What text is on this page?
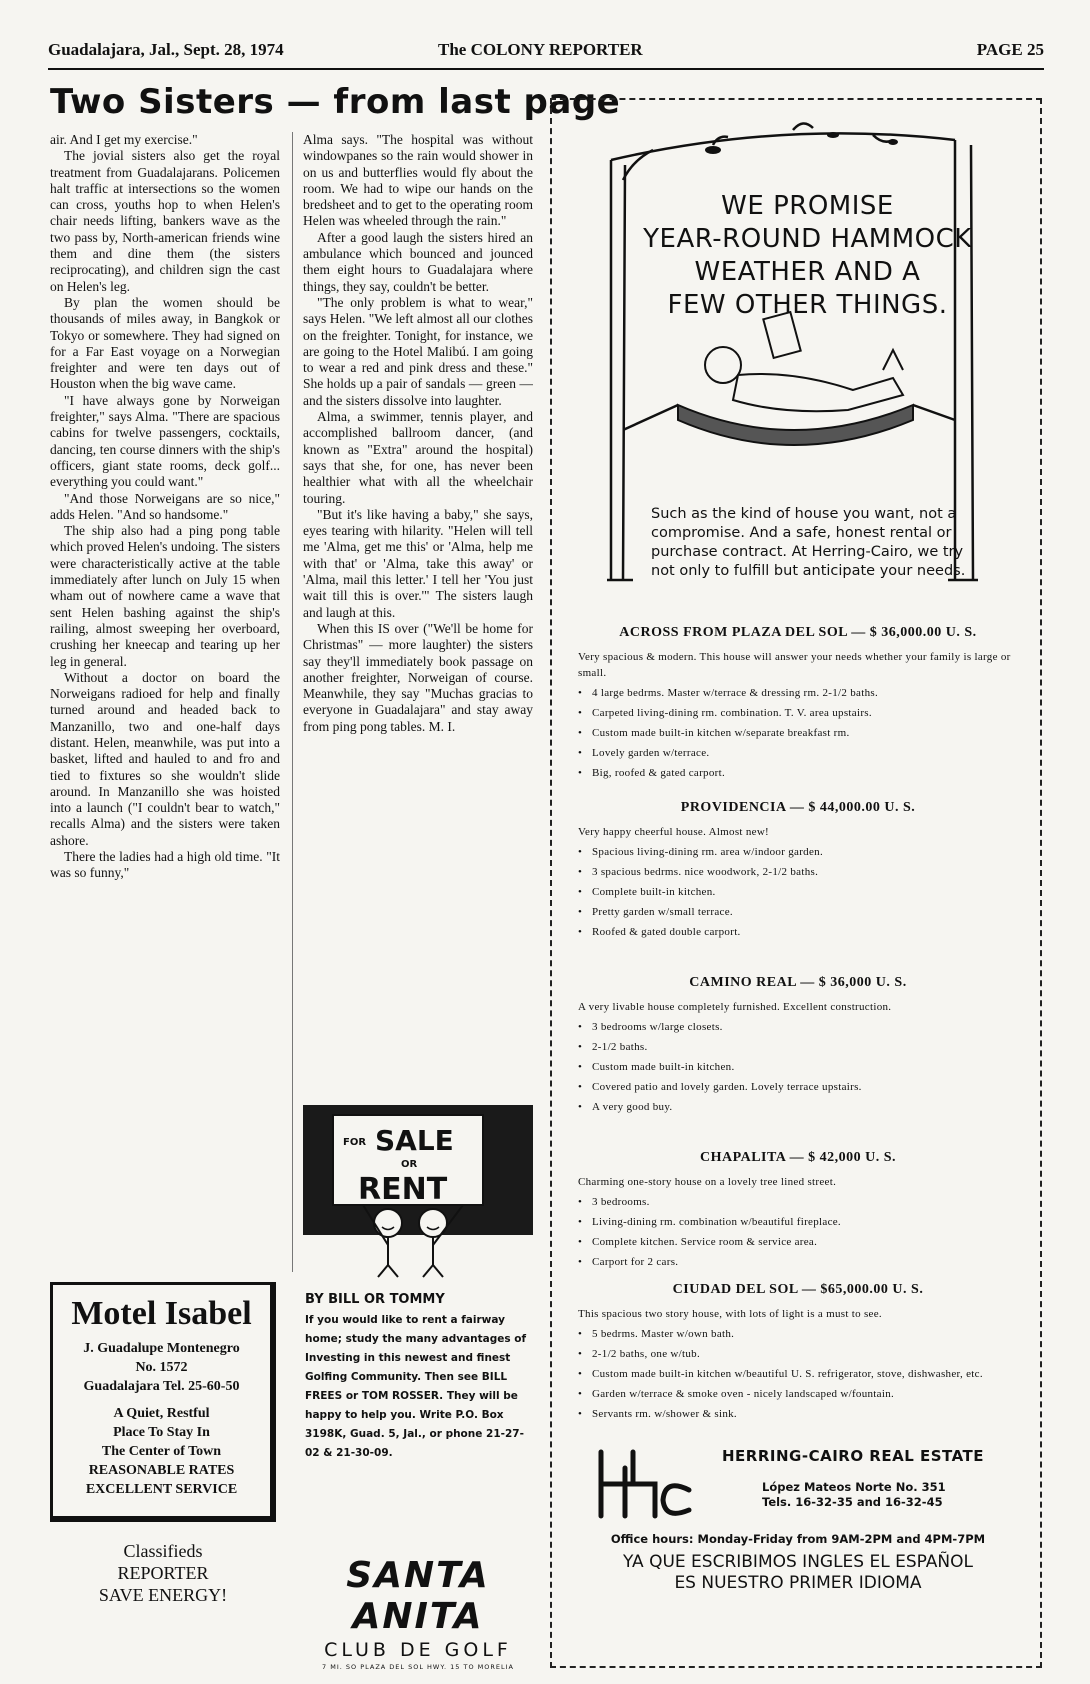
Guadalajara, Jal., Sept. 28, 1974	The COLONY REPORTER	PAGE 25
Two Sisters — from last page

air. And I get my exercise."

The jovial sisters also get the royal treatment from Guadalajarans. Policemen halt traffic at intersections so the women can cross, youths hop to when Helen's chair needs lifting, bankers wave as the two pass by, North-american friends wine them and dine them (the sisters reciprocating), and children sign the cast on Helen's leg.

By plan the women should be thousands of miles away, in Bangkok or Tokyo or somewhere. They had signed on for a Far East voyage on a Norwegian freighter and were ten days out of Houston when the big wave came.

"I have always gone by Norweigan freighter," says Alma. "There are spacious cabins for twelve passengers, cocktails, dancing, ten course dinners with the ship's officers, giant state rooms, deck golf... everything you could want."

"And those Norweigans are so nice," adds Helen. "And so handsome."

The ship also had a ping pong table which proved Helen's undoing. The sisters were characteristically active at the table immediately after lunch on July 15 when wham out of nowhere came a wave that sent Helen bashing against the ship's railing, almost sweeping her overboard, crushing her kneecap and tearing up her leg in general.

Without a doctor on board the Norweigans radioed for help and finally turned around and headed back to Manzanillo, two and one-half days distant. Helen, meanwhile, was put into a basket, lifted and hauled to and fro and tied to fixtures so she wouldn't slide around. In Manzanillo she was hoisted into a launch ("I couldn't bear to watch," recalls Alma) and the sisters were taken ashore.

There the ladies had a high old time. "It was so funny,"

Alma says. "The hospital was without windowpanes so the rain would shower in on us and butterflies would fly about the room. We had to wipe our hands on the bredsheet and to get to the operating room Helen was wheeled through the rain."

After a good laugh the sisters hired an ambulance which bounced and jounced them eight hours to Guadalajara where things, they say, couldn't be better.

"The only problem is what to wear," says Helen. "We left almost all our clothes on the freighter. Tonight, for instance, we are going to the Hotel Malibú. I am going to wear a red and pink dress and these." She holds up a pair of sandals — green — and the sisters dissolve into laughter.

Alma, a swimmer, tennis player, and accomplished ballroom dancer, (and known as "Extra" around the hospital) says that she, for one, has never been healthier what with all the wheelchair touring.

"But it's like having a baby," she says, eyes tearing with hilarity. "Helen will tell me 'Alma, get me this' or 'Alma, help me with that' or 'Alma, take this away' or 'Alma, mail this letter.' I tell her 'You just wait till this is over.'" The sisters laugh and laugh at this.

When this IS over ("We'll be home for Christmas" — more laughter) the sisters say they'll immediately book passage on another freighter, Norweigan of course. Meanwhile, they say "Muchas gracias to everyone in Guadalajara" and stay away from ping pong tables. M. I.

Motel Isabel
J. Guadalupe Montenegro
No. 1572
Guadalajara Tel. 25-60-50
A Quiet, Restful
Place To Stay In
The Center of Town
REASONABLE RATES
EXCELLENT SERVICE
Classifieds
REPORTER
SAVE ENERGY!
FOR SALE
OR
RENT
BY BILL OR TOMMY
If you would like to rent a fairway home; study the many advantages of Investing in this newest and finest Golfing Community. Then see BILL FREES or TOM ROSSER. They will be happy to help you. Write P.O. Box 3198K, Guad. 5, Jal., or phone 21-27-02 & 21-30-09.
SANTA ANITA
CLUB DE GOLF
7 MI. SO PLAZA DEL SOL HWY. 15 TO MORELIA
WE PROMISE
YEAR-ROUND HAMMOCK
WEATHER AND A
FEW OTHER THINGS.
Such as the kind of house you want, not a compromise. And a safe, honest rental or purchase contract. At Herring-Cairo, we try not only to fulfill but anticipate your needs.
ACROSS FROM PLAZA DEL SOL — $ 36,000.00 U. S.

Very spacious & modern. This house will answer your needs whether your family is large or small.

• 4 large bedrms. Master w/terrace & dressing rm. 2-1/2 baths.
• Carpeted living-dining rm. combination. T. V. area upstairs.
• Custom made built-in kitchen w/separate breakfast rm.
• Lovely garden w/terrace.
• Big, roofed & gated carport.
PROVIDENCIA — $ 44,000.00 U. S.

Very happy cheerful house. Almost new!

• Spacious living-dining rm. area w/indoor garden.
• 3 spacious bedrms. nice woodwork, 2-1/2 baths.
• Complete built-in kitchen.
• Pretty garden w/small terrace.
• Roofed & gated double carport.
CAMINO REAL — $ 36,000 U. S.

A very livable house completely furnished. Excellent construction.

• 3 bedrooms w/large closets.
• 2-1/2 baths.
• Custom made built-in kitchen.
• Covered patio and lovely garden. Lovely terrace upstairs.
• A very good buy.
CHAPALITA — $ 42,000 U. S.

Charming one-story house on a lovely tree lined street.

• 3 bedrooms.
• Living-dining rm. combination w/beautiful fireplace.
• Complete kitchen. Service room & service area.
• Carport for 2 cars.
CIUDAD DEL SOL — $65,000.00 U. S.

This spacious two story house, with lots of light is a must to see.

• 5 bedrms. Master w/own bath.
• 2-1/2 baths, one w/tub.
• Custom made built-in kitchen w/beautiful U. S. refrigerator, stove, dishwasher, etc.
• Garden w/terrace & smoke oven - nicely landscaped w/fountain.
• Servants rm. w/shower & sink.
HC
HERRING-CAIRO REAL ESTATE
López Mateos Norte No. 351
Tels. 16-32-35 and 16-32-45
Office hours: Monday-Friday from 9AM-2PM and 4PM-7PM
YA QUE ESCRIBIMOS INGLES EL ESPAÑOL
ES NUESTRO PRIMER IDIOMA
